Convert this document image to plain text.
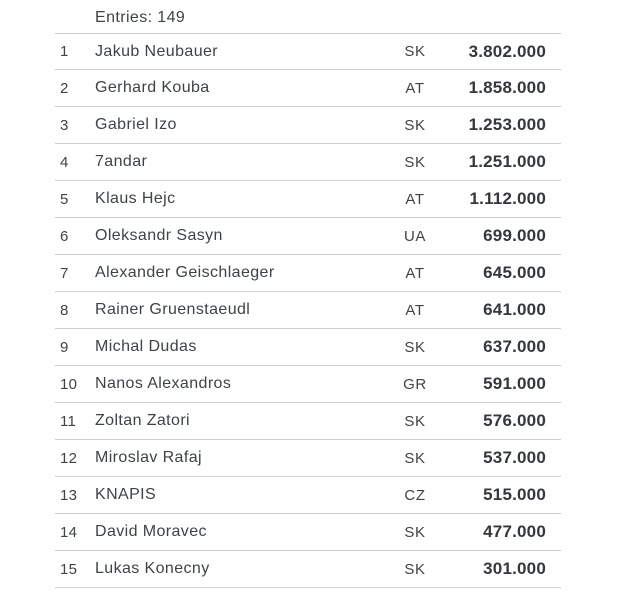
Entries: 149
1	Jakub Neubauer	SK	3.802.000
2	Gerhard Kouba	AT	1.858.000
3	Gabriel Izo	SK	1.253.000
4	7andar	SK	1.251.000
5	Klaus Hejc	AT	1.112.000
6	Oleksandr Sasyn	UA	699.000
7	Alexander Geischlaeger	AT	645.000
8	Rainer Gruenstaeudl	AT	641.000
9	Michal Dudas	SK	637.000
10	Nanos Alexandros	GR	591.000
11	Zoltan Zatori	SK	576.000
12	Miroslav Rafaj	SK	537.000
13	KNAPIS	CZ	515.000
14	David Moravec	SK	477.000
15	Lukas Konecny	SK	301.000
